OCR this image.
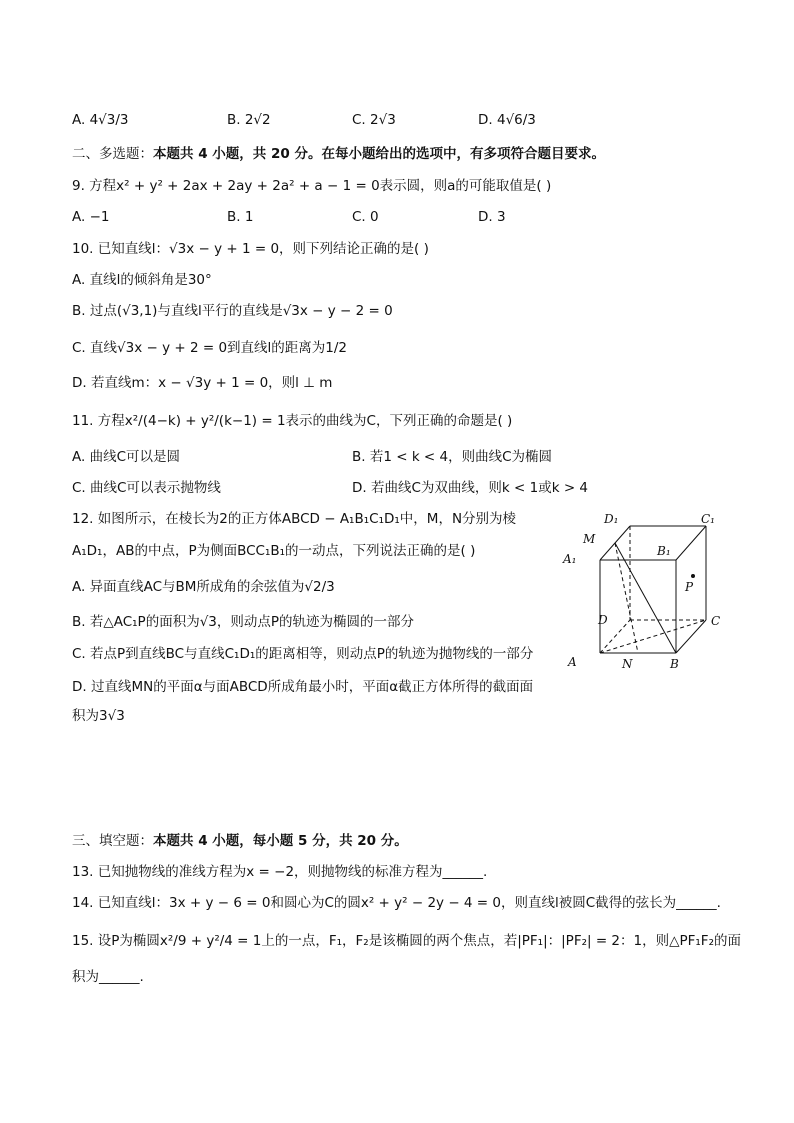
A. 4√3/3	B. 2√2	C. 2√3	D. 4√6/3
二、多选题：本题共 4 小题，共 20 分。在每小题给出的选项中，有多项符合题目要求。
9. 方程x² + y² + 2ax + 2ay + 2a² + a − 1 = 0表示圆，则a的可能取值是( )
A. −1	B. 1	C. 0	D. 3
10. 已知直线l：√3x − y + 1 = 0，则下列结论正确的是( )
A. 直线l的倾斜角是30°
B. 过点(√3,1)与直线l平行的直线是√3x − y − 2 = 0
C. 直线√3x − y + 2 = 0到直线l的距离为1/2
D. 若直线m：x − √3y + 1 = 0，则l ⊥ m
11. 方程x²/(4−k) + y²/(k−1) = 1表示的曲线为C，下列正确的命题是( )
A. 曲线C可以是圆	B. 若1 < k < 4，则曲线C为椭圆
C. 曲线C可以表示抛物线	D. 若曲线C为双曲线，则k < 1或k > 4
12. 如图所示，在棱长为2的正方体ABCD − A₁B₁C₁D₁中，M，N分别为棱
A₁D₁，AB的中点，P为侧面BCC₁B₁的一动点，下列说法正确的是( )
A. 异面直线AC与BM所成角的余弦值为√2/3
B. 若△AC₁P的面积为√3，则动点P的轨迹为椭圆的一部分
C. 若点P到直线BC与直线C₁D₁的距离相等，则动点P的轨迹为抛物线的一部分
D. 过直线MN的平面α与面ABCD所成角最小时，平面α截正方体所得的截面面
积为3√3
D₁	C₁
M
A₁
B₁
P
D	C
A	N	B
三、填空题：本题共 4 小题，每小题 5 分，共 20 分。
13. 已知抛物线的准线方程为x = −2，则抛物线的标准方程为______.
14. 已知直线l：3x + y − 6 = 0和圆心为C的圆x² + y² − 2y − 4 = 0，则直线l被圆C截得的弦长为______.
15. 设P为椭圆x²/9 + y²/4 = 1上的一点，F₁，F₂是该椭圆的两个焦点，若|PF₁|：|PF₂| = 2：1，则△PF₁F₂的面
积为______.
